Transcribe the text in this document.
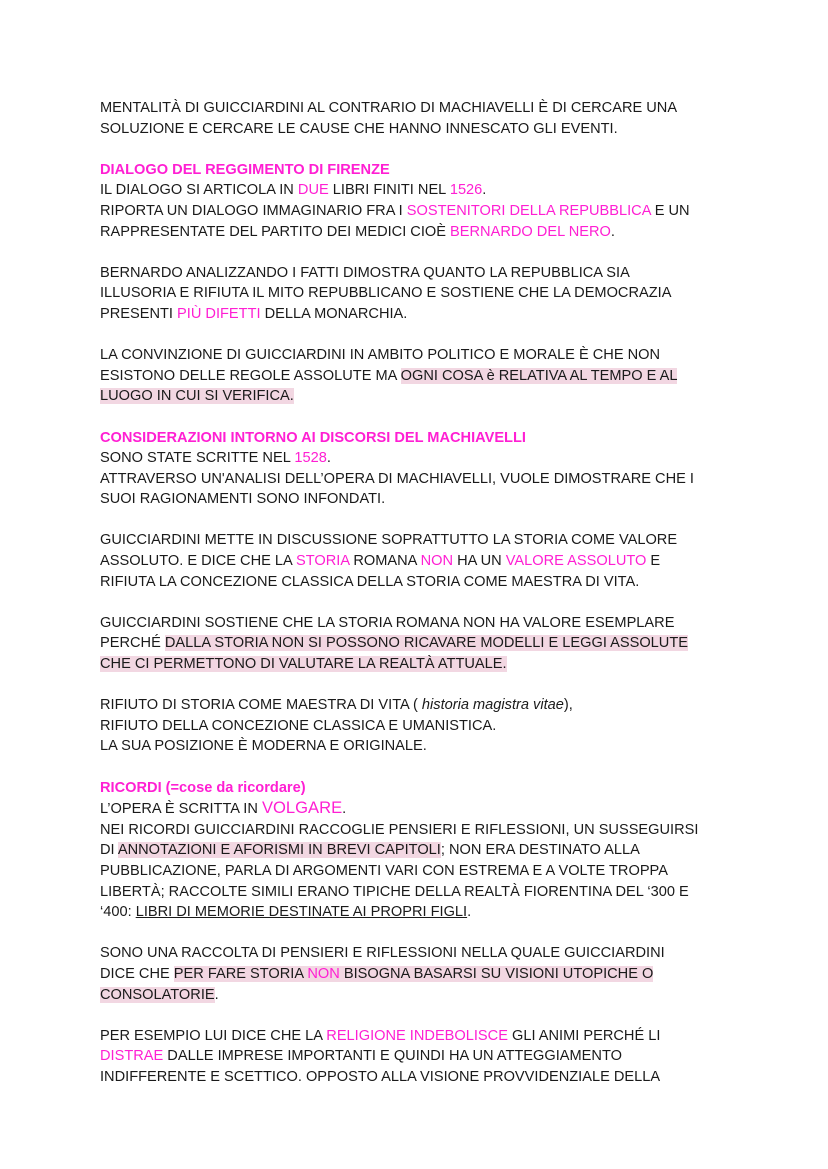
MENTALITÀ DI GUICCIARDINI AL CONTRARIO DI MACHIAVELLI È DI CERCARE UNA
SOLUZIONE E CERCARE LE CAUSE CHE HANNO INNESCATO GLI EVENTI.

DIALOGO DEL REGGIMENTO DI FIRENZE
IL DIALOGO SI ARTICOLA IN DUE LIBRI FINITI NEL 1526.
RIPORTA UN DIALOGO IMMAGINARIO FRA I SOSTENITORI DELLA REPUBBLICA E UN
RAPPRESENTATE DEL PARTITO DEI MEDICI CIOÈ BERNARDO DEL NERO.

BERNARDO ANALIZZANDO I FATTI DIMOSTRA QUANTO LA REPUBBLICA SIA
ILLUSORIA E RIFIUTA IL MITO REPUBBLICANO E SOSTIENE CHE LA DEMOCRAZIA
PRESENTI PIÙ DIFETTI DELLA MONARCHIA.

LA CONVINZIONE DI GUICCIARDINI IN AMBITO POLITICO E MORALE È CHE NON
ESISTONO DELLE REGOLE ASSOLUTE MA OGNI COSA è RELATIVA AL TEMPO E AL
LUOGO IN CUI SI VERIFICA.

CONSIDERAZIONI INTORNO AI DISCORSI DEL MACHIAVELLI
SONO STATE SCRITTE NEL 1528.
ATTRAVERSO UN'ANALISI DELL’OPERA DI MACHIAVELLI, VUOLE DIMOSTRARE CHE I
SUOI RAGIONAMENTI SONO INFONDATI.

GUICCIARDINI METTE IN DISCUSSIONE SOPRATTUTTO LA STORIA COME VALORE
ASSOLUTO. E DICE CHE LA STORIA ROMANA NON HA UN VALORE ASSOLUTO E
RIFIUTA LA CONCEZIONE CLASSICA DELLA STORIA COME MAESTRA DI VITA.

GUICCIARDINI SOSTIENE CHE LA STORIA ROMANA NON HA VALORE ESEMPLARE
PERCHÉ DALLA STORIA NON SI POSSONO RICAVARE MODELLI E LEGGI ASSOLUTE
CHE CI PERMETTONO DI VALUTARE LA REALTÀ ATTUALE.

RIFIUTO DI STORIA COME MAESTRA DI VITA ( historia magistra vitae),
RIFIUTO DELLA CONCEZIONE CLASSICA E UMANISTICA.
LA SUA POSIZIONE È MODERNA E ORIGINALE.

RICORDI (=cose da ricordare)
L’OPERA È SCRITTA IN VOLGARE.
NEI RICORDI GUICCIARDINI RACCOGLIE PENSIERI E RIFLESSIONI, UN SUSSEGUIRSI
DI ANNOTAZIONI E AFORISMI IN BREVI CAPITOLI; NON ERA DESTINATO ALLA
PUBBLICAZIONE, PARLA DI ARGOMENTI VARI CON ESTREMA E A VOLTE TROPPA
LIBERTÀ; RACCOLTE SIMILI ERANO TIPICHE DELLA REALTÀ FIORENTINA DEL ‘300 E
‘400: LIBRI DI MEMORIE DESTINATE AI PROPRI FIGLI.

SONO UNA RACCOLTA DI PENSIERI E RIFLESSIONI NELLA QUALE GUICCIARDINI
DICE CHE PER FARE STORIA NON BISOGNA BASARSI SU VISIONI UTOPICHE O
CONSOLATORIE.

PER ESEMPIO LUI DICE CHE LA RELIGIONE INDEBOLISCE GLI ANIMI PERCHÉ LI
DISTRAE DALLE IMPRESE IMPORTANTI E QUINDI HA UN ATTEGGIAMENTO
INDIFFERENTE E SCETTICO. OPPOSTO ALLA VISIONE PROVVIDENZIALE DELLA
